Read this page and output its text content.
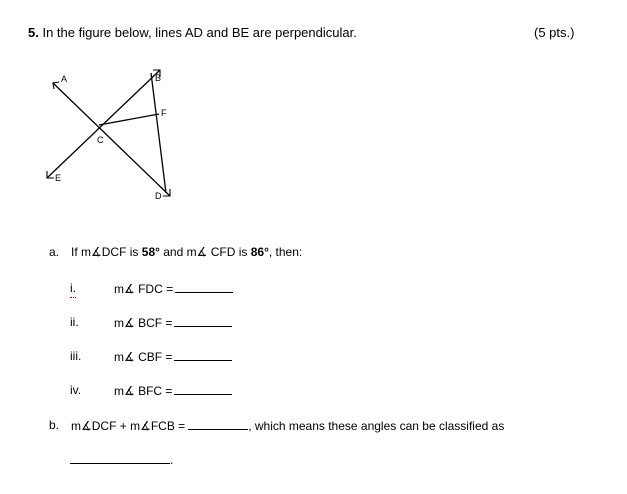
5. In the figure below, lines AD and BE are perpendicular.	(5 pts.)
A	B
C
D
E
F
a. If m∡DCF is 58° and m∡ CFD is 86°, then:
i.	m∡ FDC =
ii.	m∡ BCF =
iii.	m∡ CBF =
iv.	m∡ BFC =
b. m∡DCF + m∡FCB =	, which means these angles can be classified as
.
